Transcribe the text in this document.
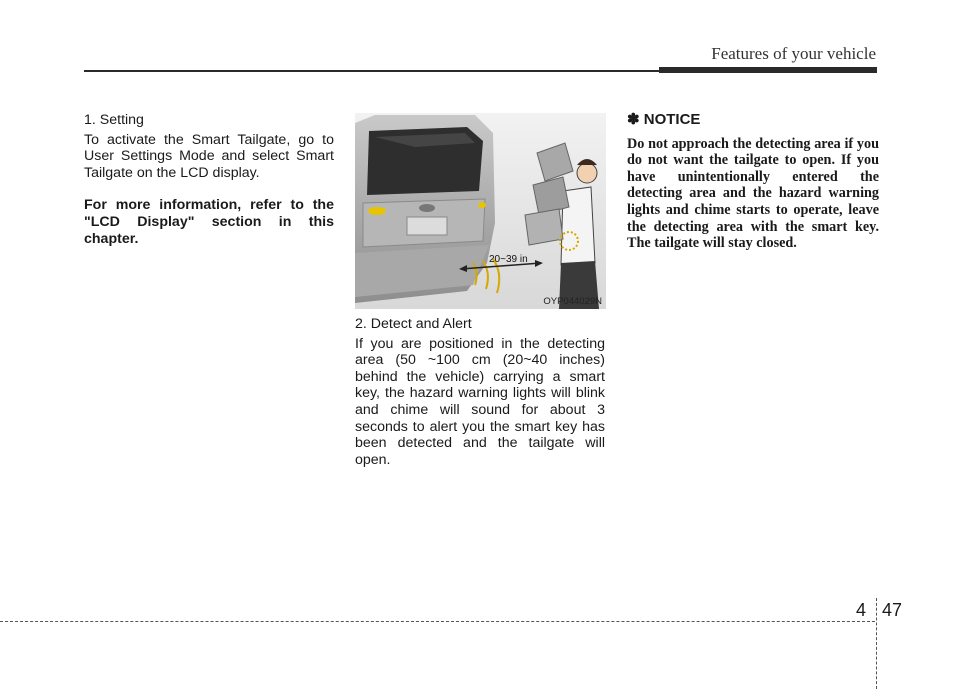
Features of your vehicle

1. Setting

To activate the Smart Tailgate, go to User Settings Mode and select Smart Tailgate on the LCD display.

For more information, refer to the "LCD Display" section in this chapter.

20~39 in
OYP044029N

2. Detect and Alert

If you are positioned in the detecting area (50 ~100 cm (20~40 inches) behind the vehicle) carrying a smart key, the hazard warning lights will blink and chime will sound for about 3 seconds to alert you the smart key has been detected and the tailgate will open.

✽ NOTICE

Do not approach the detecting area if you do not want the tailgate to open. If you have unintentionally entered the detecting area and the hazard warning lights and chime starts to operate, leave the detecting area with the smart key. The tailgate will stay closed.

4 47
